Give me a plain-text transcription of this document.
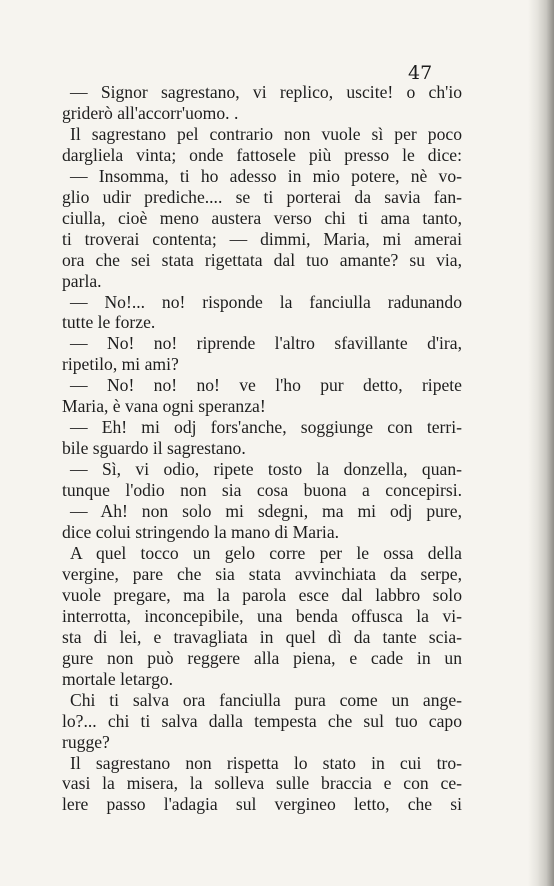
47
— Signor sagrestano, vi replico, uscite! o ch'io
griderò all'accorr'uomo. .
Il sagrestano pel contrario non vuole sì per poco
dargliela vinta; onde fattosele più presso le dice:
— Insomma, ti ho adesso in mio potere, nè vo-
glio udir prediche.... se ti porterai da savia fan-
ciulla, cioè meno austera verso chi ti ama tanto,
ti troverai contenta; — dimmi, Maria, mi amerai
ora che sei stata rigettata dal tuo amante? su via,
parla.
— No!... no! risponde la fanciulla radunando
tutte le forze.
— No! no! riprende l'altro sfavillante d'ira,
ripetilo, mi ami?
— No! no! no! ve l'ho pur detto, ripete
Maria, è vana ogni speranza!
— Eh! mi odj fors'anche, soggiunge con terri-
bile sguardo il sagrestano.
— Sì, vi odio, ripete tosto la donzella, quan-
tunque l'odio non sia cosa buona a concepirsi.
— Ah! non solo mi sdegni, ma mi odj pure,
dice colui stringendo la mano di Maria.
A quel tocco un gelo corre per le ossa della
vergine, pare che sia stata avvinchiata da serpe,
vuole pregare, ma la parola esce dal labbro solo
interrotta, inconcepibile, una benda offusca la vi-
sta di lei, e travagliata in quel dì da tante scia-
gure non può reggere alla piena, e cade in un
mortale letargo.
Chi ti salva ora fanciulla pura come un ange-
lo?... chi ti salva dalla tempesta che sul tuo capo
rugge?
Il sagrestano non rispetta lo stato in cui tro-
vasi la misera, la solleva sulle braccia e con ce-
lere passo l'adagia sul vergineo letto, che si
